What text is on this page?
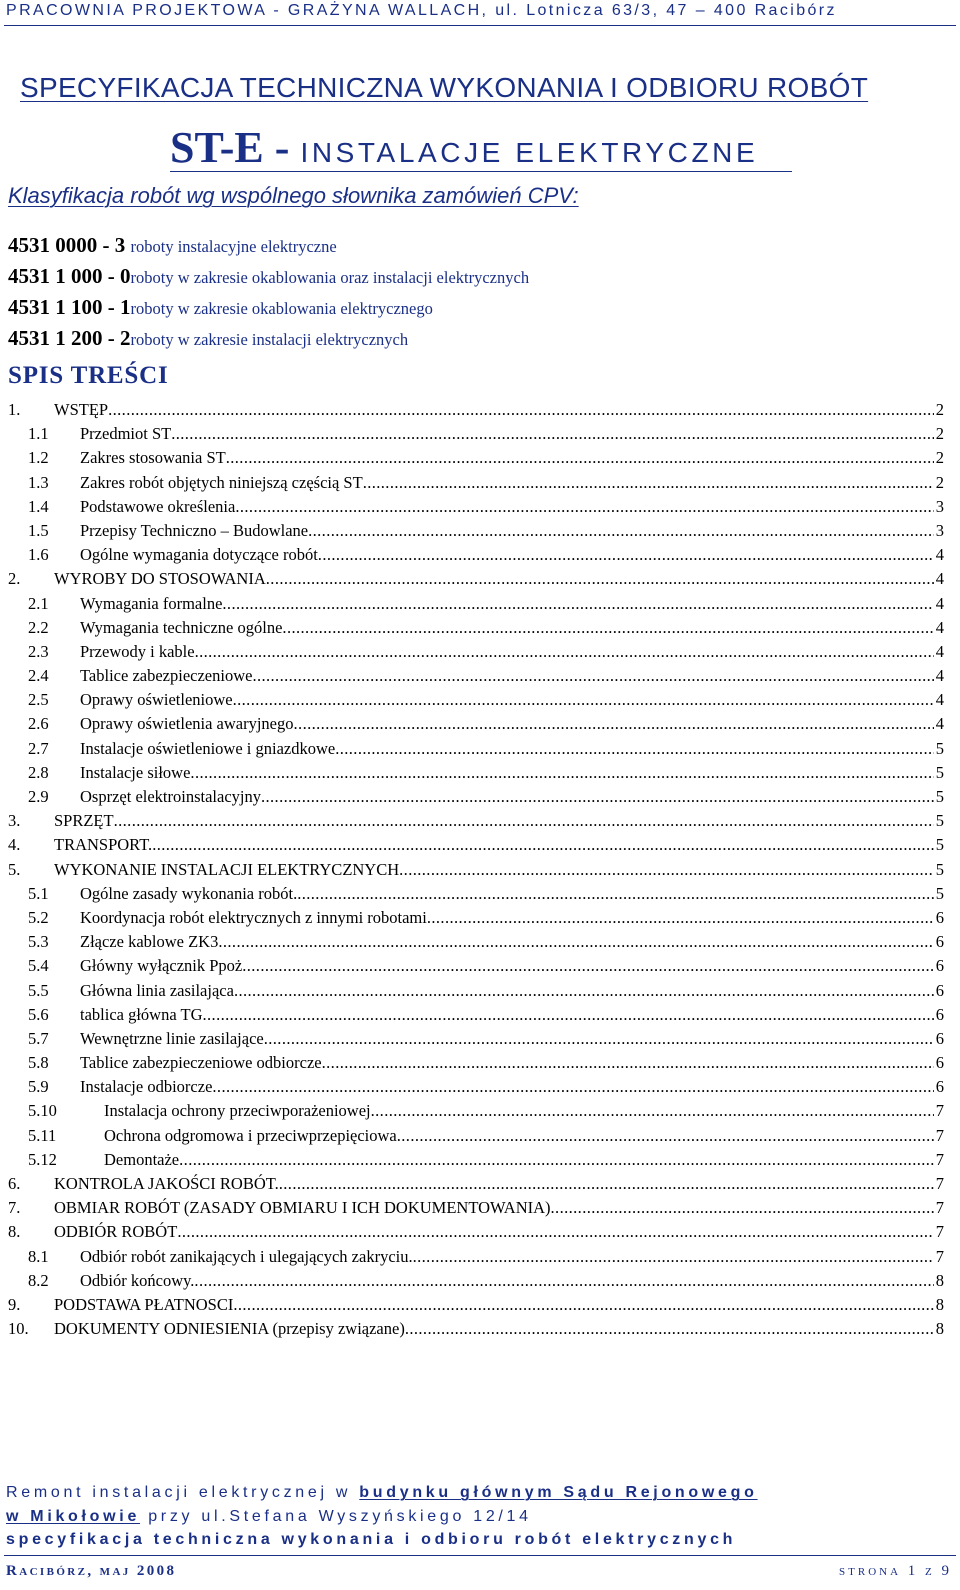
PRACOWNIA PROJEKTOWA - GRAŻYNA WALLACH, ul. Lotnicza 63/3, 47 – 400 Racibórz
SPECYFIKACJA TECHNICZNA WYKONANIA I ODBIORU ROBÓT
ST-E - INSTALACJE ELEKTRYCZNE
Klasyfikacja robót wg wspólnego słownika zamówień CPV:
4531 0000 - 3 roboty instalacyjne elektryczne
4531 1 000 - 0roboty w zakresie okablowania oraz instalacji elektrycznych
4531 1 100 - 1roboty w zakresie okablowania elektrycznego
4531 1 200 - 2roboty w zakresie instalacji elektrycznych
SPIS TREŚCI
1. WSTĘP .....	2
1.1 Przedmiot ST .....	2
1.2 Zakres stosowania ST .....	2
1.3 Zakres robót objętych niniejszą częścią ST .....	2
1.4 Podstawowe określenia .....	3
1.5 Przepisy Techniczno – Budowlane .....	3
1.6 Ogólne wymagania dotyczące robót .....	4
2. WYROBY DO STOSOWANIA .....	4
2.1 Wymagania formalne .....	4
2.2 Wymagania techniczne ogólne .....	4
2.3 Przewody i kable .....	4
2.4 Tablice zabezpieczeniowe .....	4
2.5 Oprawy oświetleniowe .....	4
2.6 Oprawy oświetlenia awaryjnego .....	4
2.7 Instalacje oświetleniowe i gniazdkowe .....	5
2.8 Instalacje siłowe .....	5
2.9 Osprzęt elektroinstalacyjny .....	5
3. SPRZĘT .....	5
4. TRANSPORT. .....	5
5. WYKONANIE INSTALACJI ELEKTRYCZNYCH .....	5
5.1 Ogólne zasady wykonania robót. .....	5
5.2 Koordynacja robót elektrycznych z innymi robotami .....	6
5.3 Złącze kablowe ZK3 .....	6
5.4 Główny wyłącznik Ppoż .....	6
5.5 Główna linia zasilająca .....	6
5.6 tablica główna TG .....	6
5.7 Wewnętrzne linie zasilające .....	6
5.8 Tablice zabezpieczeniowe odbiorcze .....	6
5.9 Instalacje odbiorcze .....	6
5.10	Instalacja ochrony przeciwporażeniowej .....	7
5.11	Ochrona odgromowa i przeciwprzepięciowa .....	7
5.12	Demontaże .....	7
6. KONTROLA JAKOŚCI ROBÓT. .....	7
7. OBMIAR ROBÓT (ZASADY OBMIARU I ICH DOKUMENTOWANIA) .....	7
8. ODBIÓR ROBÓT .....	7
8.1 Odbiór robót zanikających i ulegających zakryciu. .....	7
8.2 Odbiór końcowy. .....	8
9. PODSTAWA PŁATNOSCI .....	8
10. DOKUMENTY ODNIESIENIA (przepisy związane) .....	8
Remont instalacji elektrycznej w budynku głównym Sądu Rejonowego
w Mikołowie przy ul.Stefana Wyszyńskiego 12/14
specyfikacja techniczna wykonania i odbioru robót elektrycznych
Racibórz, maj 2008	strona 1 z 9
